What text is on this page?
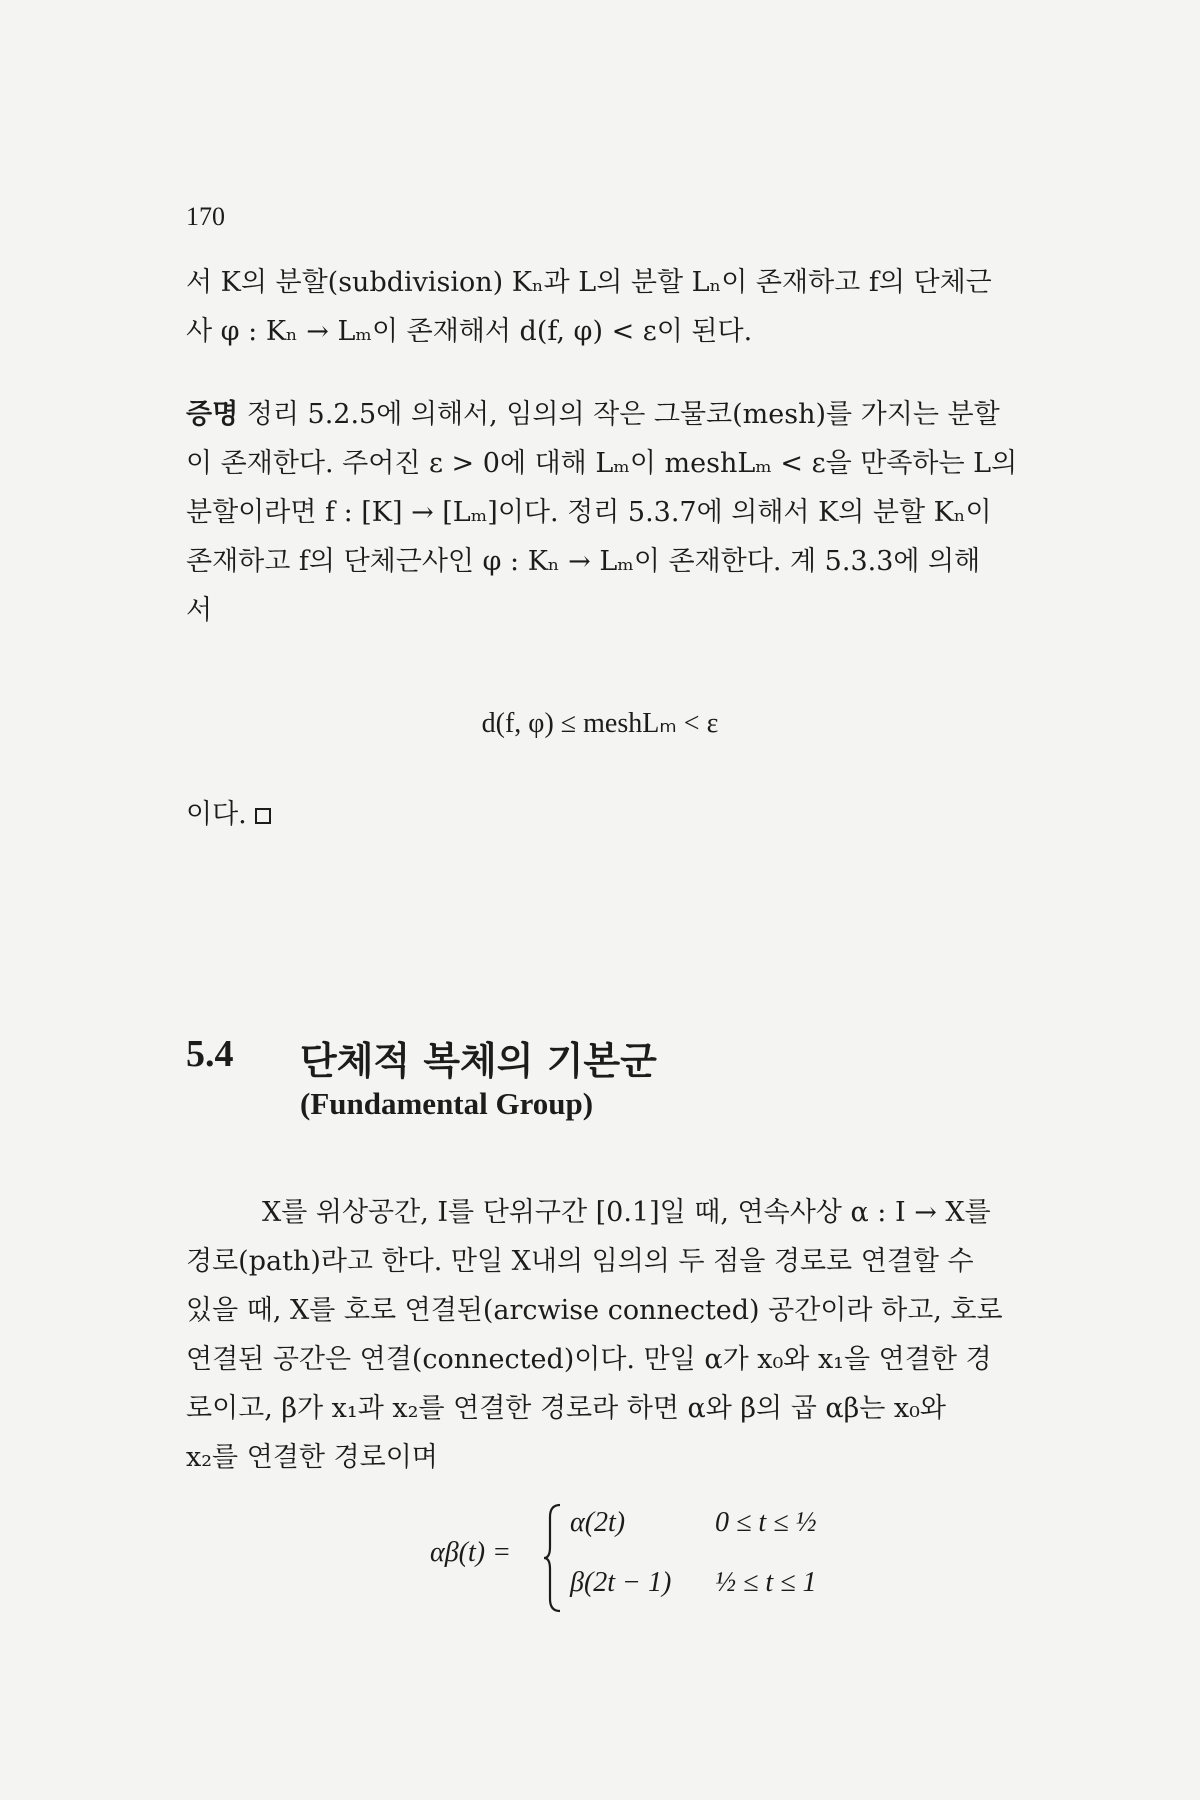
170
서 K의 분할(subdivision) Kₙ과 L의 분할 Lₙ이 존재하고 f의 단체근
사 φ : Kₙ → Lₘ이 존재해서 d(f, φ) < ε이 된다.
증명 정리 5.2.5에 의해서, 임의의 작은 그물코(mesh)를 가지는 분할
이 존재한다. 주어진 ε > 0에 대해 Lₘ이 meshLₘ < ε을 만족하는 L의
분할이라면 f : [K] → [Lₘ]이다. 정리 5.3.7에 의해서 K의 분할 Kₙ이
존재하고 f의 단체근사인 φ : Kₙ → Lₘ이 존재한다. 계 5.3.3에 의해
서
d(f, φ) ≤ meshLₘ < ε
이다.
5.4 단체적 복체의 기본군
(Fundamental Group)
X를 위상공간, I를 단위구간 [0.1]일 때, 연속사상 α : I → X를
경로(path)라고 한다. 만일 X내의 임의의 두 점을 경로로 연결할 수
있을 때, X를 호로 연결된(arcwise connected) 공간이라 하고, 호로
연결된 공간은 연결(connected)이다. 만일 α가 x₀와 x₁을 연결한 경
로이고, β가 x₁과 x₂를 연결한 경로라 하면 α와 β의 곱 αβ는 x₀와
x₂를 연결한 경로이며
αβ(t) =
α(2t)	0 ≤ t ≤ ½
β(2t − 1) ½ ≤ t ≤ 1
